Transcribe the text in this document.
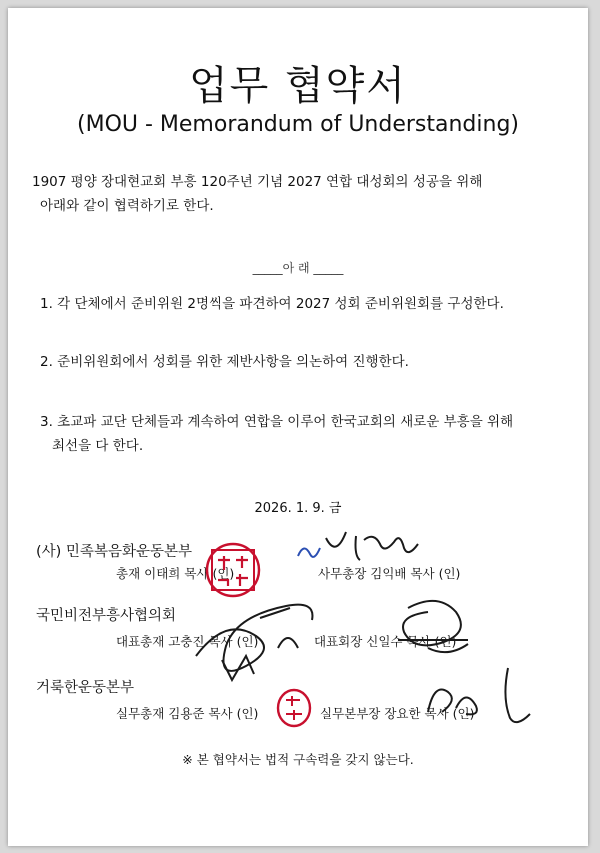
업무 협약서
(MOU - Memorandum of Understanding)
1907 평양 장대현교회 부흥 120주년 기념 2027 연합 대성회의 성공을 위해
아래와 같이 협력하기로 한다.
_____아 래 _____
1. 각 단체에서 준비위원 2명씩을 파견하여 2027 성회 준비위원회를 구성한다.
2. 준비위원회에서 성회를 위한 제반사항을 의논하여 진행한다.
3. 초교파 교단 단체들과 계속하여 연합을 이루어 한국교회의 새로운 부흥을 위해
최선을 다 한다.
2026. 1. 9. 금
(사) 민족복음화운동본부
총재 이태희 목사 (인)	사무총장 김익배 목사 (인)
국민비전부흥사협의회
대표총재 고충진 목사 (인)	대표회장 신일수 목사 (인)
거룩한운동본부
실무총재 김용준 목사 (인)	실무본부장 장요한 목사 (인)
※ 본 협약서는 법적 구속력을 갖지 않는다.
